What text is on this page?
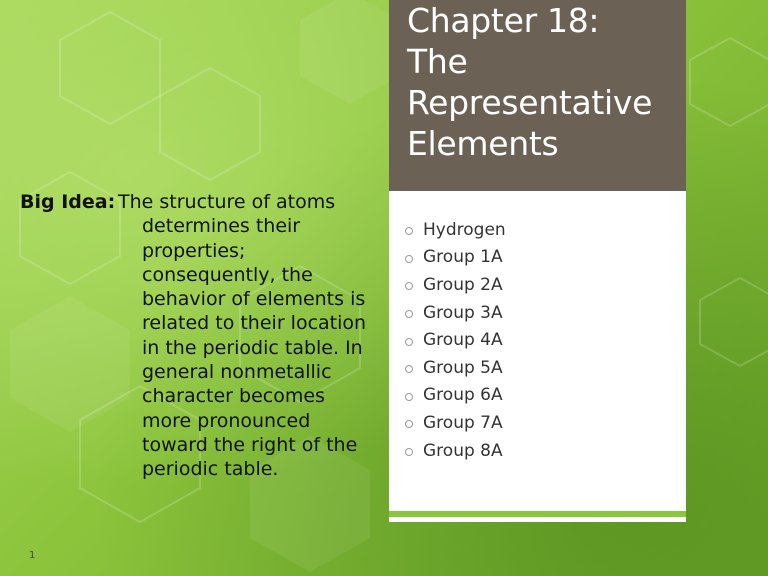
Chapter 18:
The
Representative
Elements
Hydrogen
Group 1A
Group 2A
Group 3A
Group 4A
Group 5A
Group 6A
Group 7A
Group 8A
Big Idea: The structure of atoms
determines their properties; consequently, the behavior of elements is related to their location in the periodic table. In general nonmetallic character becomes more pronounced toward the right of the periodic table.
1
